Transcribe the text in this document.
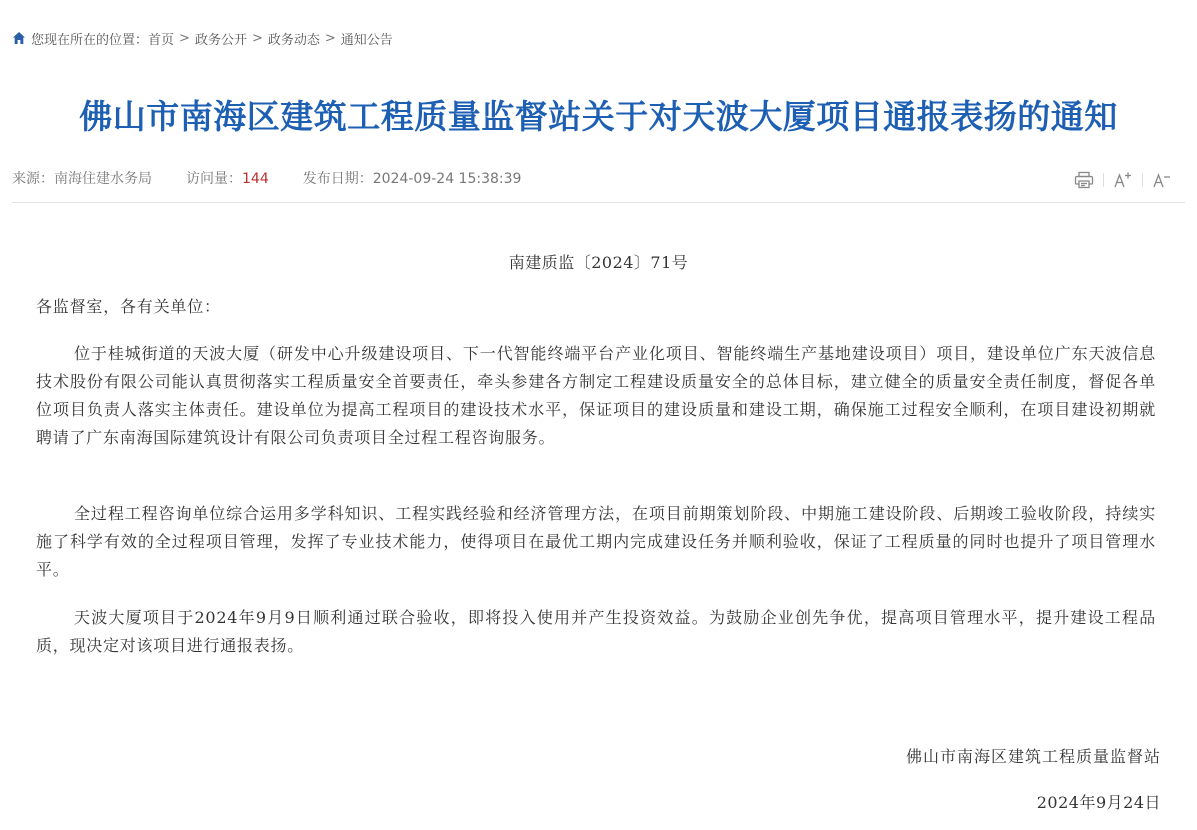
您现在所在的位置： 首页 > 政务公开 > 政务动态 > 通知公告
佛山市南海区建筑工程质量监督站关于对天波大厦项目通报表扬的通知
来源：南海住建水务局 访问量：144 发布日期：2024-09-24 15:38:39
南建质监〔2024〕71号
各监督室，各有关单位：

位于桂城街道的天波大厦（研发中心升级建设项目、下一代智能终端平台产业化项目、智能终端生产基地建设项目）项目，建设单位广东天波信息技术股份有限公司能认真贯彻落实工程质量安全首要责任，牵头参建各方制定工程建设质量安全的总体目标，建立健全的质量安全责任制度，督促各单位项目负责人落实主体责任。建设单位为提高工程项目的建设技术水平，保证项目的建设质量和建设工期，确保施工过程安全顺利，在项目建设初期就聘请了广东南海国际建筑设计有限公司负责项目全过程工程咨询服务。

全过程工程咨询单位综合运用多学科知识、工程实践经验和经济管理方法，在项目前期策划阶段、中期施工建设阶段、后期竣工验收阶段，持续实施了科学有效的全过程项目管理，发挥了专业技术能力，使得项目在最优工期内完成建设任务并顺利验收，保证了工程质量的同时也提升了项目管理水平。

天波大厦项目于2024年9月9日顺利通过联合验收，即将投入使用并产生投资效益。为鼓励企业创先争优，提高项目管理水平，提升建设工程品质，现决定对该项目进行通报表扬。

佛山市南海区建筑工程质量监督站
2024年9月24日
